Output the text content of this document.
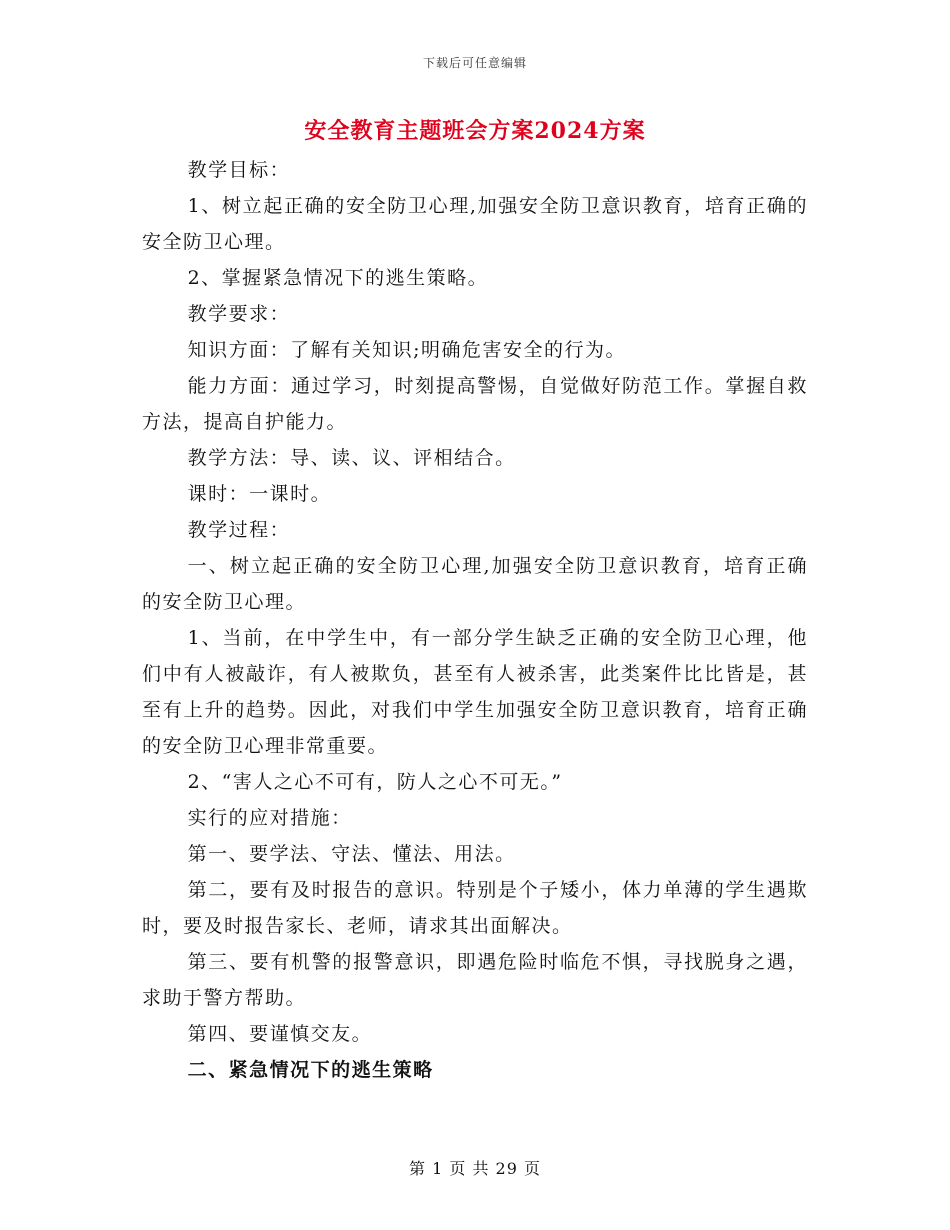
下载后可任意编辑
安全教育主题班会方案2024方案

教学目标：

1、树立起正确的安全防卫心理,加强安全防卫意识教育，培育正确的安全防卫心理。

2、掌握紧急情况下的逃生策略。

教学要求：

知识方面：了解有关知识;明确危害安全的行为。

能力方面：通过学习，时刻提高警惕，自觉做好防范工作。掌握自救方法，提高自护能力。

教学方法：导、读、议、评相结合。

课时：一课时。

教学过程：

一、树立起正确的安全防卫心理,加强安全防卫意识教育，培育正确的安全防卫心理。

1、当前，在中学生中，有一部分学生缺乏正确的安全防卫心理，他们中有人被敲诈，有人被欺负，甚至有人被杀害，此类案件比比皆是，甚至有上升的趋势。因此，对我们中学生加强安全防卫意识教育，培育正确的安全防卫心理非常重要。

2、“害人之心不可有，防人之心不可无。”

实行的应对措施：

第一、要学法、守法、懂法、用法。

第二，要有及时报告的意识。特别是个子矮小，体力单薄的学生遇欺时，要及时报告家长、老师，请求其出面解决。

第三、要有机警的报警意识，即遇危险时临危不惧，寻找脱身之遇，求助于警方帮助。

第四、要谨慎交友。

二、紧急情况下的逃生策略

第 1 页 共 29 页
